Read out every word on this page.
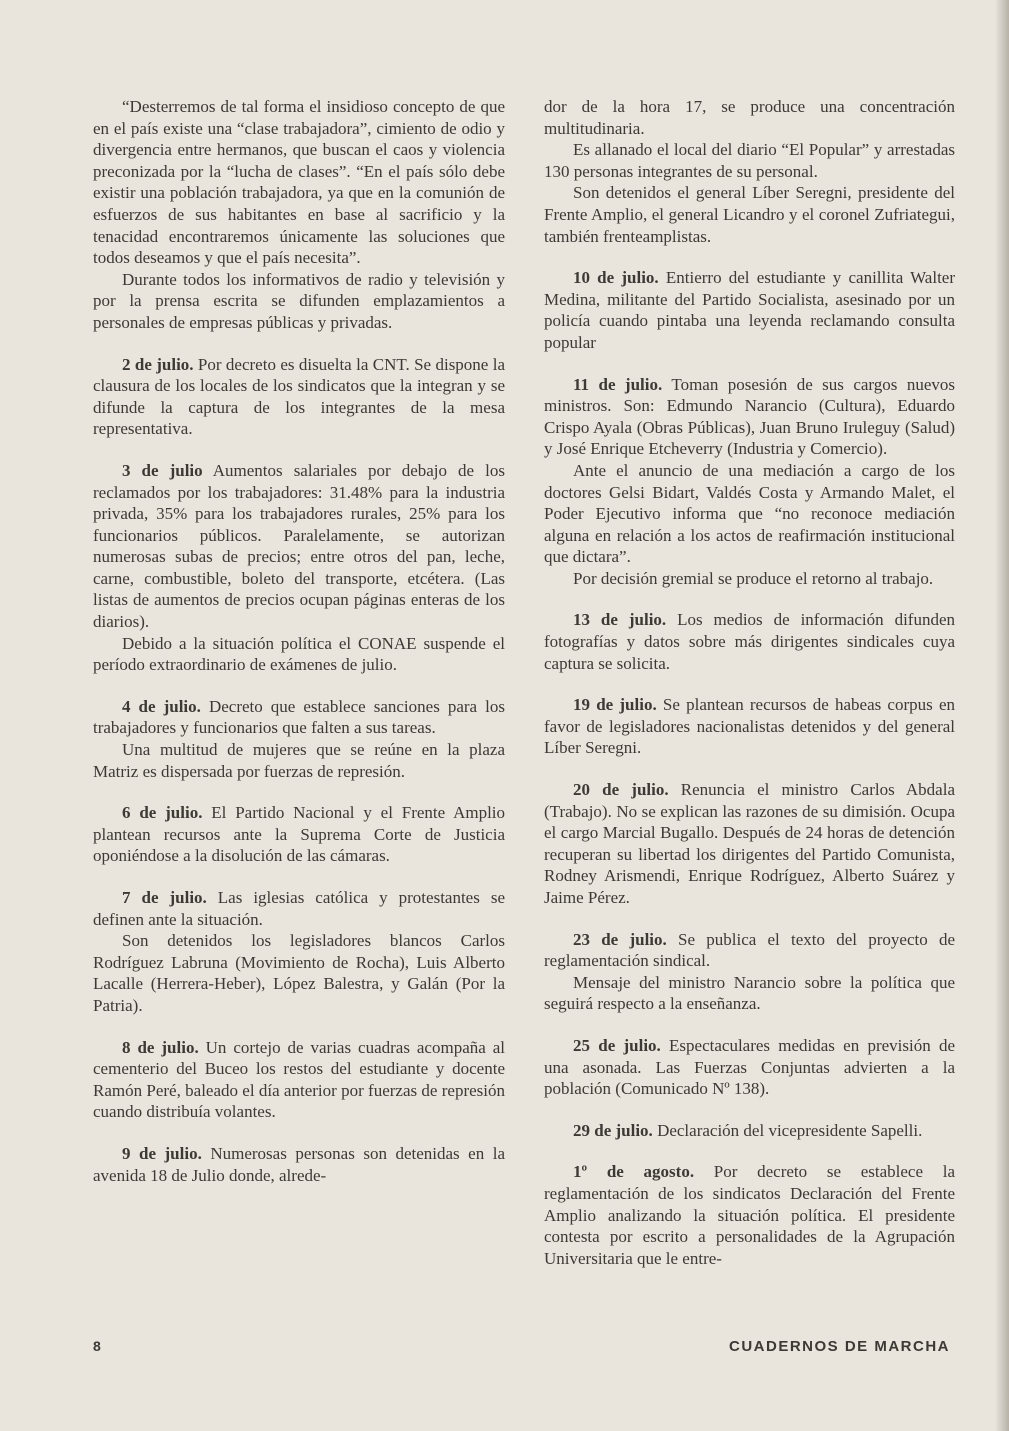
“Desterremos de tal forma el insidioso concepto de que en el país existe una “clase trabajadora”, cimiento de odio y divergencia entre hermanos, que buscan el caos y violencia preconizada por la “lucha de clases”. “En el país sólo debe existir una población trabajadora, ya que en la comunión de esfuerzos de sus habitantes en base al sacrificio y la tenacidad encontraremos únicamente las soluciones que todos deseamos y que el país necesita”.

Durante todos los informativos de radio y televisión y por la prensa escrita se difunden emplazamientos a personales de empresas públicas y privadas.

2 de julio. Por decreto es disuelta la CNT. Se dispone la clausura de los locales de los sindicatos que la integran y se difunde la captura de los integrantes de la mesa representativa.

3 de julio Aumentos salariales por debajo de los reclamados por los trabajadores: 31.48% para la industria privada, 35% para los trabajadores rurales, 25% para los funcionarios públicos. Paralelamente, se autorizan numerosas subas de precios; entre otros del pan, leche, carne, combustible, boleto del transporte, etcétera. (Las listas de aumentos de precios ocupan páginas enteras de los diarios).

Debido a la situación política el CONAE suspende el período extraordinario de exámenes de julio.

4 de julio. Decreto que establece sanciones para los trabajadores y funcionarios que falten a sus tareas.

Una multitud de mujeres que se reúne en la plaza Matriz es dispersada por fuerzas de represión.

6 de julio. El Partido Nacional y el Frente Amplio plantean recursos ante la Suprema Corte de Justicia oponiéndose a la disolución de las cámaras.

7 de julio. Las iglesias católica y protestantes se definen ante la situación.

Son detenidos los legisladores blancos Carlos Rodríguez Labruna (Movimiento de Rocha), Luis Alberto Lacalle (Herrera-Heber), López Balestra, y Galán (Por la Patria).

8 de julio. Un cortejo de varias cuadras acompaña al cementerio del Buceo los restos del estudiante y docente Ramón Peré, baleado el día anterior por fuerzas de represión cuando distribuía volantes.

9 de julio. Numerosas personas son detenidas en la avenida 18 de Julio donde, alrede-

dor de la hora 17, se produce una concentración multitudinaria.

Es allanado el local del diario “El Popular” y arrestadas 130 personas integrantes de su personal.

Son detenidos el general Líber Seregni, presidente del Frente Amplio, el general Licandro y el coronel Zufriategui, también frenteamplistas.

10 de julio. Entierro del estudiante y canillita Walter Medina, militante del Partido Socialista, asesinado por un policía cuando pintaba una leyenda reclamando consulta popular

11 de julio. Toman posesión de sus cargos nuevos ministros. Son: Edmundo Narancio (Cultura), Eduardo Crispo Ayala (Obras Públicas), Juan Bruno Iruleguy (Salud) y José Enrique Etcheverry (Industria y Comercio).

Ante el anuncio de una mediación a cargo de los doctores Gelsi Bidart, Valdés Costa y Armando Malet, el Poder Ejecutivo informa que “no reconoce mediación alguna en relación a los actos de reafirmación institucional que dictara”.

Por decisión gremial se produce el retorno al trabajo.

13 de julio. Los medios de información difunden fotografías y datos sobre más dirigentes sindicales cuya captura se solicita.

19 de julio. Se plantean recursos de habeas corpus en favor de legisladores nacionalistas detenidos y del general Líber Seregni.

20 de julio. Renuncia el ministro Carlos Abdala (Trabajo). No se explican las razones de su dimisión. Ocupa el cargo Marcial Bugallo. Después de 24 horas de detención recuperan su libertad los dirigentes del Partido Comunista, Rodney Arismendi, Enrique Rodríguez, Alberto Suárez y Jaime Pérez.

23 de julio. Se publica el texto del proyecto de reglamentación sindical.

Mensaje del ministro Narancio sobre la política que seguirá respecto a la enseñanza.

25 de julio. Espectaculares medidas en previsión de una asonada. Las Fuerzas Conjuntas advierten a la población (Comunicado Nº 138).

29 de julio. Declaración del vicepresidente Sapelli.

1º de agosto. Por decreto se establece la reglamentación de los sindicatos Declaración del Frente Amplio analizando la situación política. El presidente contesta por escrito a personalidades de la Agrupación Universitaria que le entre-

8	CUADERNOS DE MARCHA
